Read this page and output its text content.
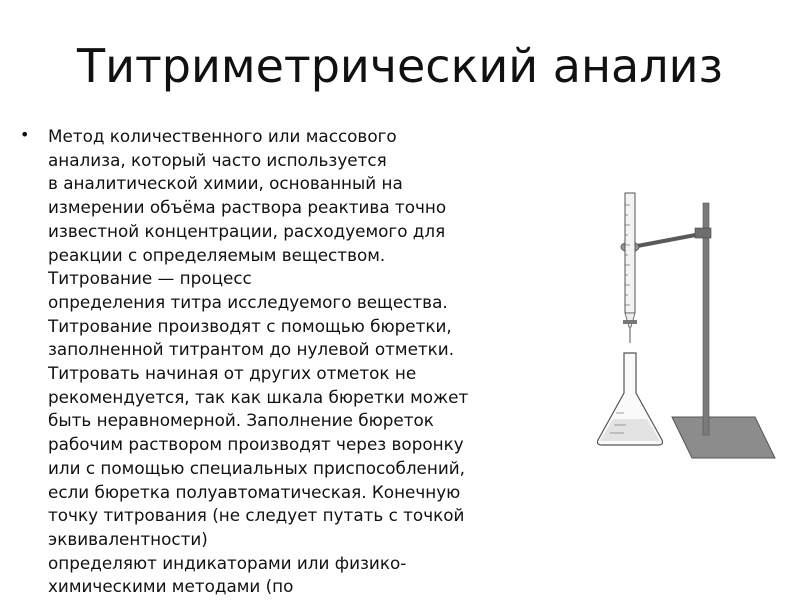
Титриметрический анализ
• Метод количественного или массового
анализа, который часто используется
в аналитической химии, основанный на
измерении объёма раствора реактива точно
известной концентрации, расходуемого для
реакции с определяемым веществом.
Титрование — процесс
определения титра исследуемого вещества.
Титрование производят с помощью бюретки,
заполненной титрантом до нулевой отметки.
Титровать начиная от других отметок не
рекомендуется, так как шкала бюретки может
быть неравномерной. Заполнение бюреток
рабочим раствором производят через воронку
или с помощью специальных приспособлений,
если бюретка полуавтоматическая. Конечную
точку титрования (не следует путать с точкой
эквивалентности)
определяют индикаторами или физико-
химическими методами (по
